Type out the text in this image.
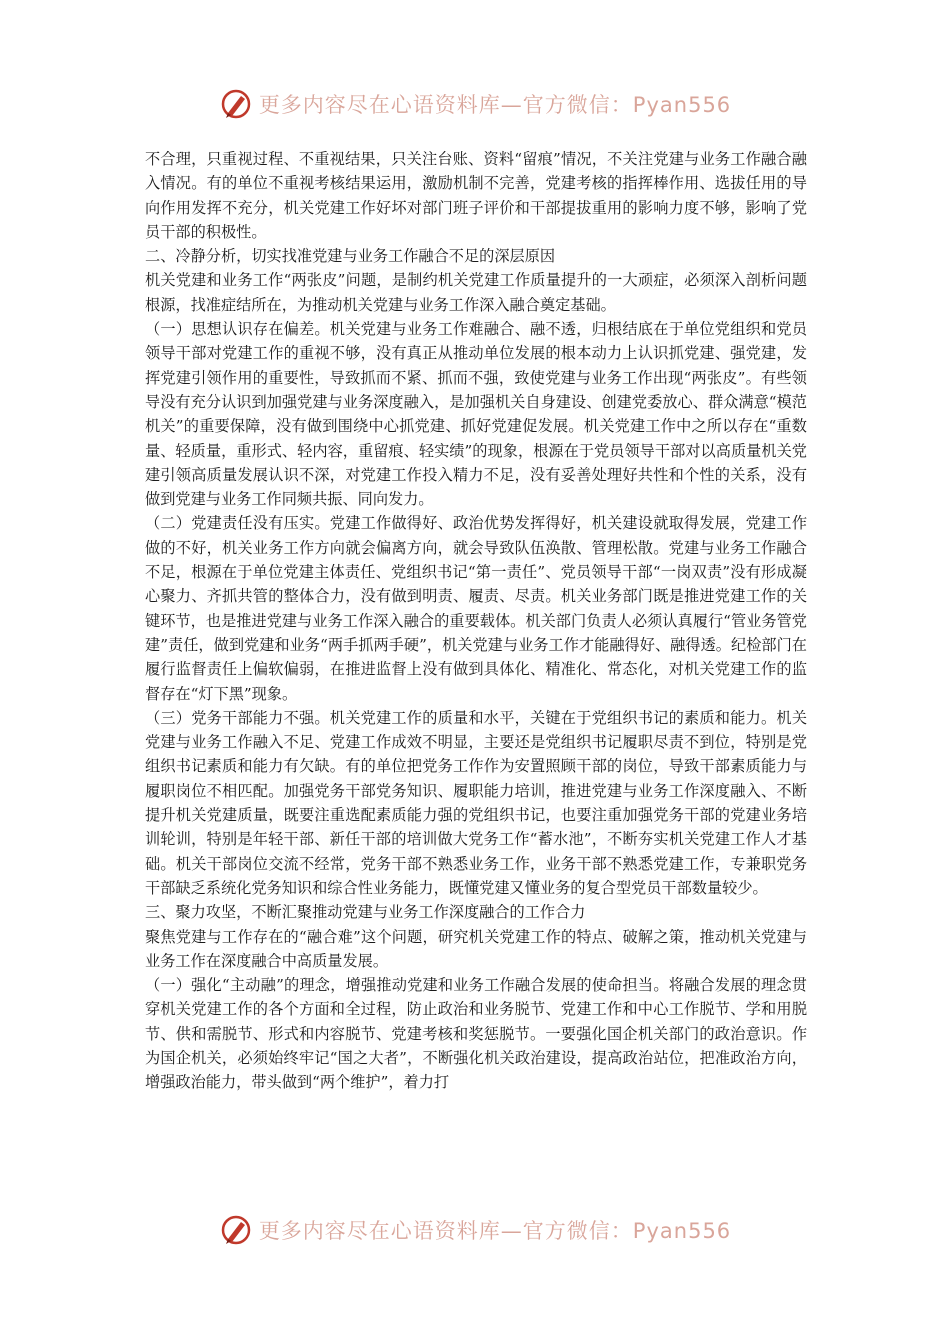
更多内容尽在心语资料库—官方微信：Pyan556

不合理，只重视过程、不重视结果，只关注台账、资料“留痕”情况，不关注党建与业务工作融合融入情况。有的单位不重视考核结果运用，激励机制不完善，党建考核的指挥棒作用、选拔任用的导向作用发挥不充分，机关党建工作好坏对部门班子评价和干部提拔重用的影响力度不够，影响了党员干部的积极性。

二、冷静分析，切实找准党建与业务工作融合不足的深层原因

机关党建和业务工作“两张皮”问题，是制约机关党建工作质量提升的一大顽症，必须深入剖析问题根源，找准症结所在，为推动机关党建与业务工作深入融合奠定基础。

（一）思想认识存在偏差。机关党建与业务工作难融合、融不透，归根结底在于单位党组织和党员领导干部对党建工作的重视不够，没有真正从推动单位发展的根本动力上认识抓党建、强党建，发挥党建引领作用的重要性，导致抓而不紧、抓而不强，致使党建与业务工作出现“两张皮”。有些领导没有充分认识到加强党建与业务深度融入，是加强机关自身建设、创建党委放心、群众满意“模范机关”的重要保障，没有做到围绕中心抓党建、抓好党建促发展。机关党建工作中之所以存在“重数量、轻质量，重形式、轻内容，重留痕、轻实绩”的现象，根源在于党员领导干部对以高质量机关党建引领高质量发展认识不深，对党建工作投入精力不足，没有妥善处理好共性和个性的关系，没有做到党建与业务工作同频共振、同向发力。

（二）党建责任没有压实。党建工作做得好、政治优势发挥得好，机关建设就取得发展，党建工作做的不好，机关业务工作方向就会偏离方向，就会导致队伍涣散、管理松散。党建与业务工作融合不足，根源在于单位党建主体责任、党组织书记“第一责任”、党员领导干部“一岗双责”没有形成凝心聚力、齐抓共管的整体合力，没有做到明责、履责、尽责。机关业务部门既是推进党建工作的关键环节，也是推进党建与业务工作深入融合的重要载体。机关部门负责人必须认真履行“管业务管党建”责任，做到党建和业务“两手抓两手硬”，机关党建与业务工作才能融得好、融得透。纪检部门在履行监督责任上偏软偏弱，在推进监督上没有做到具体化、精准化、常态化，对机关党建工作的监督存在“灯下黑”现象。

（三）党务干部能力不强。机关党建工作的质量和水平，关键在于党组织书记的素质和能力。机关党建与业务工作融入不足、党建工作成效不明显，主要还是党组织书记履职尽责不到位，特别是党组织书记素质和能力有欠缺。有的单位把党务工作作为安置照顾干部的岗位，导致干部素质能力与履职岗位不相匹配。加强党务干部党务知识、履职能力培训，推进党建与业务工作深度融入、不断提升机关党建质量，既要注重选配素质能力强的党组织书记，也要注重加强党务干部的党建业务培训轮训，特别是年轻干部、新任干部的培训做大党务工作“蓄水池”，不断夯实机关党建工作人才基础。机关干部岗位交流不经常，党务干部不熟悉业务工作，业务干部不熟悉党建工作，专兼职党务干部缺乏系统化党务知识和综合性业务能力，既懂党建又懂业务的复合型党员干部数量较少。

三、聚力攻坚，不断汇聚推动党建与业务工作深度融合的工作合力

聚焦党建与工作存在的“融合难”这个问题，研究机关党建工作的特点、破解之策，推动机关党建与业务工作在深度融合中高质量发展。

（一）强化“主动融”的理念，增强推动党建和业务工作融合发展的使命担当。将融合发展的理念贯穿机关党建工作的各个方面和全过程，防止政治和业务脱节、党建工作和中心工作脱节、学和用脱节、供和需脱节、形式和内容脱节、党建考核和奖惩脱节。一要强化国企机关部门的政治意识。作为国企机关，必须始终牢记“国之大者”，不断强化机关政治建设，提高政治站位，把准政治方向，增强政治能力，带头做到“两个维护”，着力打

更多内容尽在心语资料库—官方微信：Pyan556
